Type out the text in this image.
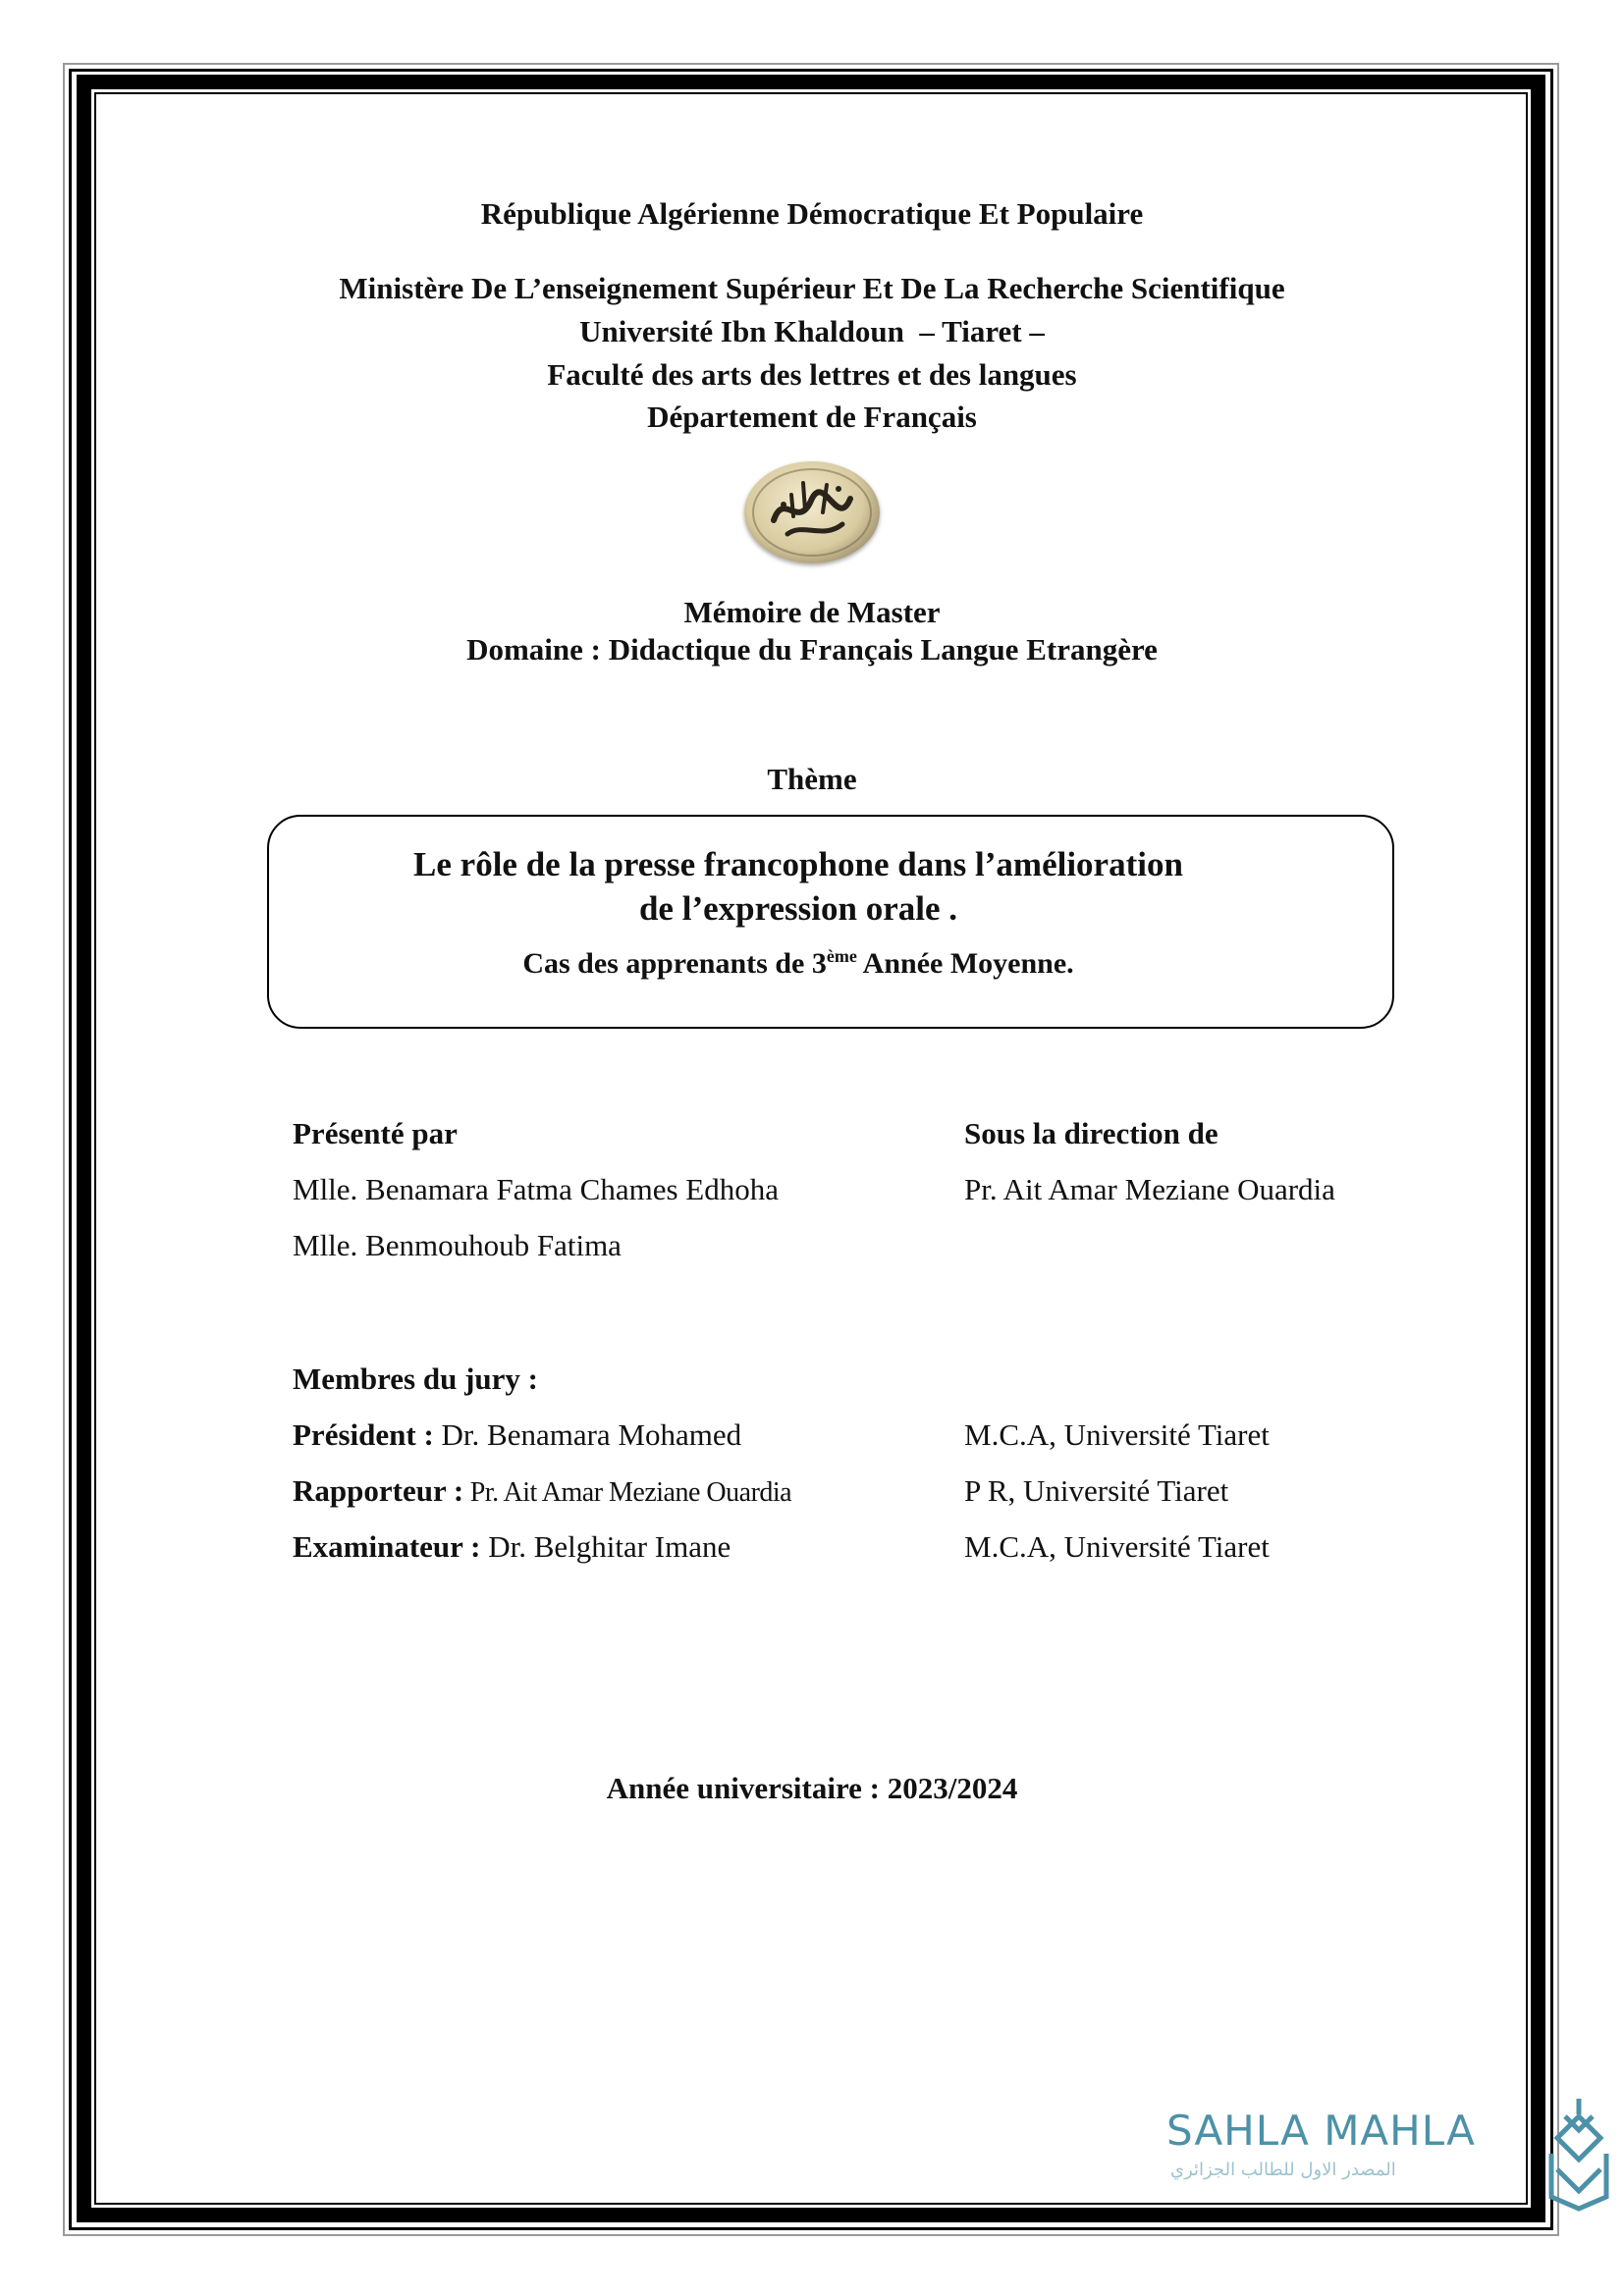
République Algérienne Démocratique Et Populaire
Ministère De L’enseignement Supérieur Et De La Recherche Scientifique
Université Ibn Khaldoun  – Tiaret –
Faculté des arts des lettres et des langues
Département de Français
Mémoire de Master
Domaine : Didactique du Français Langue Etrangère
Thème
Le rôle de la presse francophone dans l’amélioration
de l’expression orale .
Cas des apprenants de 3ème Année Moyenne.
Présenté par
Mlle. Benamara Fatma Chames Edhoha
Mlle. Benmouhoub Fatima
Sous la direction de
Pr. Ait Amar Meziane Ouardia
Membres du jury :
Président : Dr. Benamara Mohamed	M.C.A, Université Tiaret
Rapporteur : Pr. Ait Amar Meziane Ouardia	P R, Université Tiaret
Examinateur : Dr. Belghitar Imane	M.C.A, Université Tiaret
Année universitaire : 2023/2024
SAHLA MAHLA
المصدر الاول للطالب الجزائري
